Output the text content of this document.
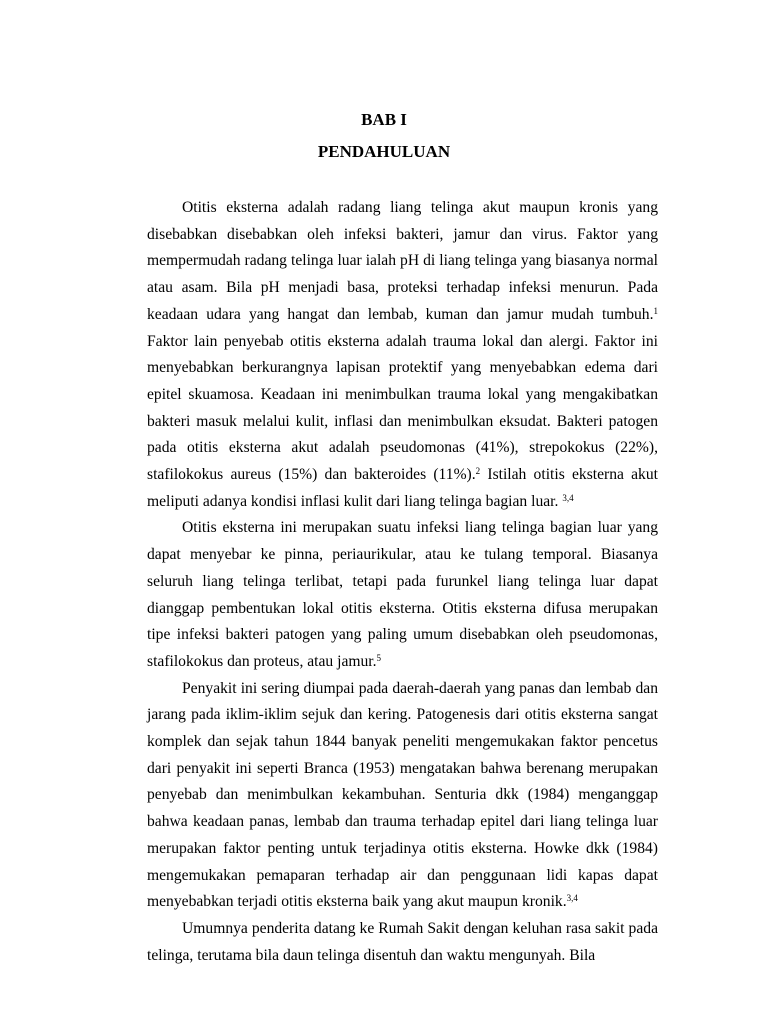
BAB I
PENDAHULUAN

Otitis eksterna adalah radang liang telinga akut maupun kronis yang disebabkan disebabkan oleh infeksi bakteri, jamur dan virus. Faktor yang mempermudah radang telinga luar ialah pH di liang telinga yang biasanya normal atau asam. Bila pH menjadi basa, proteksi terhadap infeksi menurun. Pada keadaan udara yang hangat dan lembab, kuman dan jamur mudah tumbuh.$^1$ Faktor lain penyebab otitis eksterna adalah trauma lokal dan alergi. Faktor ini menyebabkan berkurangnya lapisan protektif yang menyebabkan edema dari epitel skuamosa. Keadaan ini menimbulkan trauma lokal yang mengakibatkan bakteri masuk melalui kulit, inflasi dan menimbulkan eksudat. Bakteri patogen pada otitis eksterna akut adalah pseudomonas (41%), strepokokus (22%), stafilokokus aureus (15%) dan bakteroides (11%).$^2$ Istilah otitis eksterna akut meliputi adanya kondisi inflasi kulit dari liang telinga bagian luar. $^{3,4}$

Otitis eksterna ini merupakan suatu infeksi liang telinga bagian luar yang dapat menyebar ke pinna, periaurikular, atau ke tulang temporal. Biasanya seluruh liang telinga terlibat, tetapi pada furunkel liang telinga luar dapat dianggap pembentukan lokal otitis eksterna. Otitis eksterna difusa merupakan tipe infeksi bakteri patogen yang paling umum disebabkan oleh pseudomonas, stafilokokus dan proteus, atau jamur.$^5$

Penyakit ini sering diumpai pada daerah-daerah yang panas dan lembab dan jarang pada iklim-iklim sejuk dan kering. Patogenesis dari otitis eksterna sangat komplek dan sejak tahun 1844 banyak peneliti mengemukakan faktor pencetus dari penyakit ini seperti Branca (1953) mengatakan bahwa berenang merupakan penyebab dan menimbulkan kekambuhan. Senturia dkk (1984) menganggap bahwa keadaan panas, lembab dan trauma terhadap epitel dari liang telinga luar merupakan faktor penting untuk terjadinya otitis eksterna. Howke dkk (1984) mengemukakan pemaparan terhadap air dan penggunaan lidi kapas dapat menyebabkan terjadi otitis eksterna baik yang akut maupun kronik.$^{3,4}$

Umumnya penderita datang ke Rumah Sakit dengan keluhan rasa sakit pada telinga, terutama bila daun telinga disentuh dan waktu mengunyah. Bila
